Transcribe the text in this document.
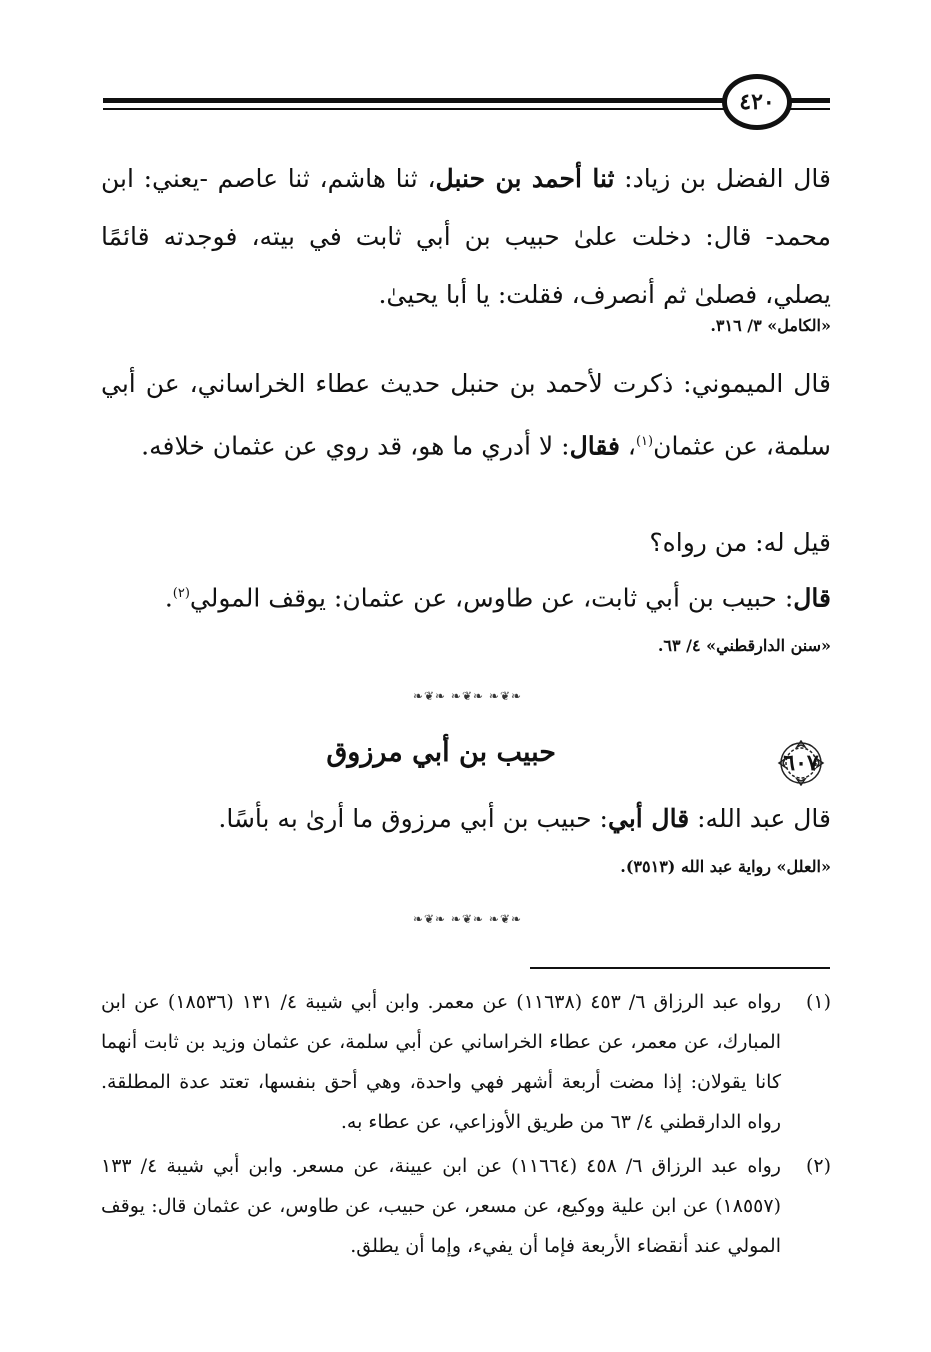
٤٢٠

قال الفضل بن زياد: ثنا أحمد بن حنبل، ثنا هاشم، ثنا عاصم -يعني: ابن محمد- قال: دخلت علىٰ حبيب بن أبي ثابت في بيته، فوجدته قائمًا يصلي، فصلىٰ ثم أنصرف، فقلت: يا أبا يحيىٰ.

«الكامل» ٣/ ٣١٦.

قال الميموني: ذكرت لأحمد بن حنبل حديث عطاء الخراساني، عن أبي سلمة، عن عثمان$^{(١)}$، فقال: لا أدري ما هو، قد روي عن عثمان خلافه.

قيل له: من رواه؟

قال: حبيب بن أبي ثابت، عن طاوس، عن عثمان: يوقف المولي$^{(٢)}$.

«سنن الدارقطني» ٤/ ٦٣.

❧❦❧ ❧❦❧ ❧❦❧
٦٠٧
حبيب بن أبي مرزوق

قال عبد الله: قال أبي: حبيب بن أبي مرزوق ما أرىٰ به بأسًا.

«العلل» رواية عبد الله (٣٥١٣).

❧❦❧ ❧❦❧ ❧❦❧
(١)
رواه عبد الرزاق ٦/ ٤٥٣ (١١٦٣٨) عن معمر. وابن أبي شيبة ٤/ ١٣١ (١٨٥٣٦) عن ابن المبارك، عن معمر، عن عطاء الخراساني عن أبي سلمة، عن عثمان وزيد بن ثابت أنهما كانا يقولان: إذا مضت أربعة أشهر فهي واحدة، وهي أحق بنفسها، تعتد عدة المطلقة. رواه الدارقطني ٤/ ٦٣ من طريق الأوزاعي، عن عطاء به.
(٢)
رواه عبد الرزاق ٦/ ٤٥٨ (١١٦٦٤) عن ابن عيينة، عن مسعر. وابن أبي شيبة ٤/ ١٣٣ (١٨٥٥٧) عن ابن علية ووكيع، عن مسعر، عن حبيب، عن طاوس، عن عثمان قال: يوقف المولي عند أنقضاء الأربعة فإما أن يفيء، وإما أن يطلق.
